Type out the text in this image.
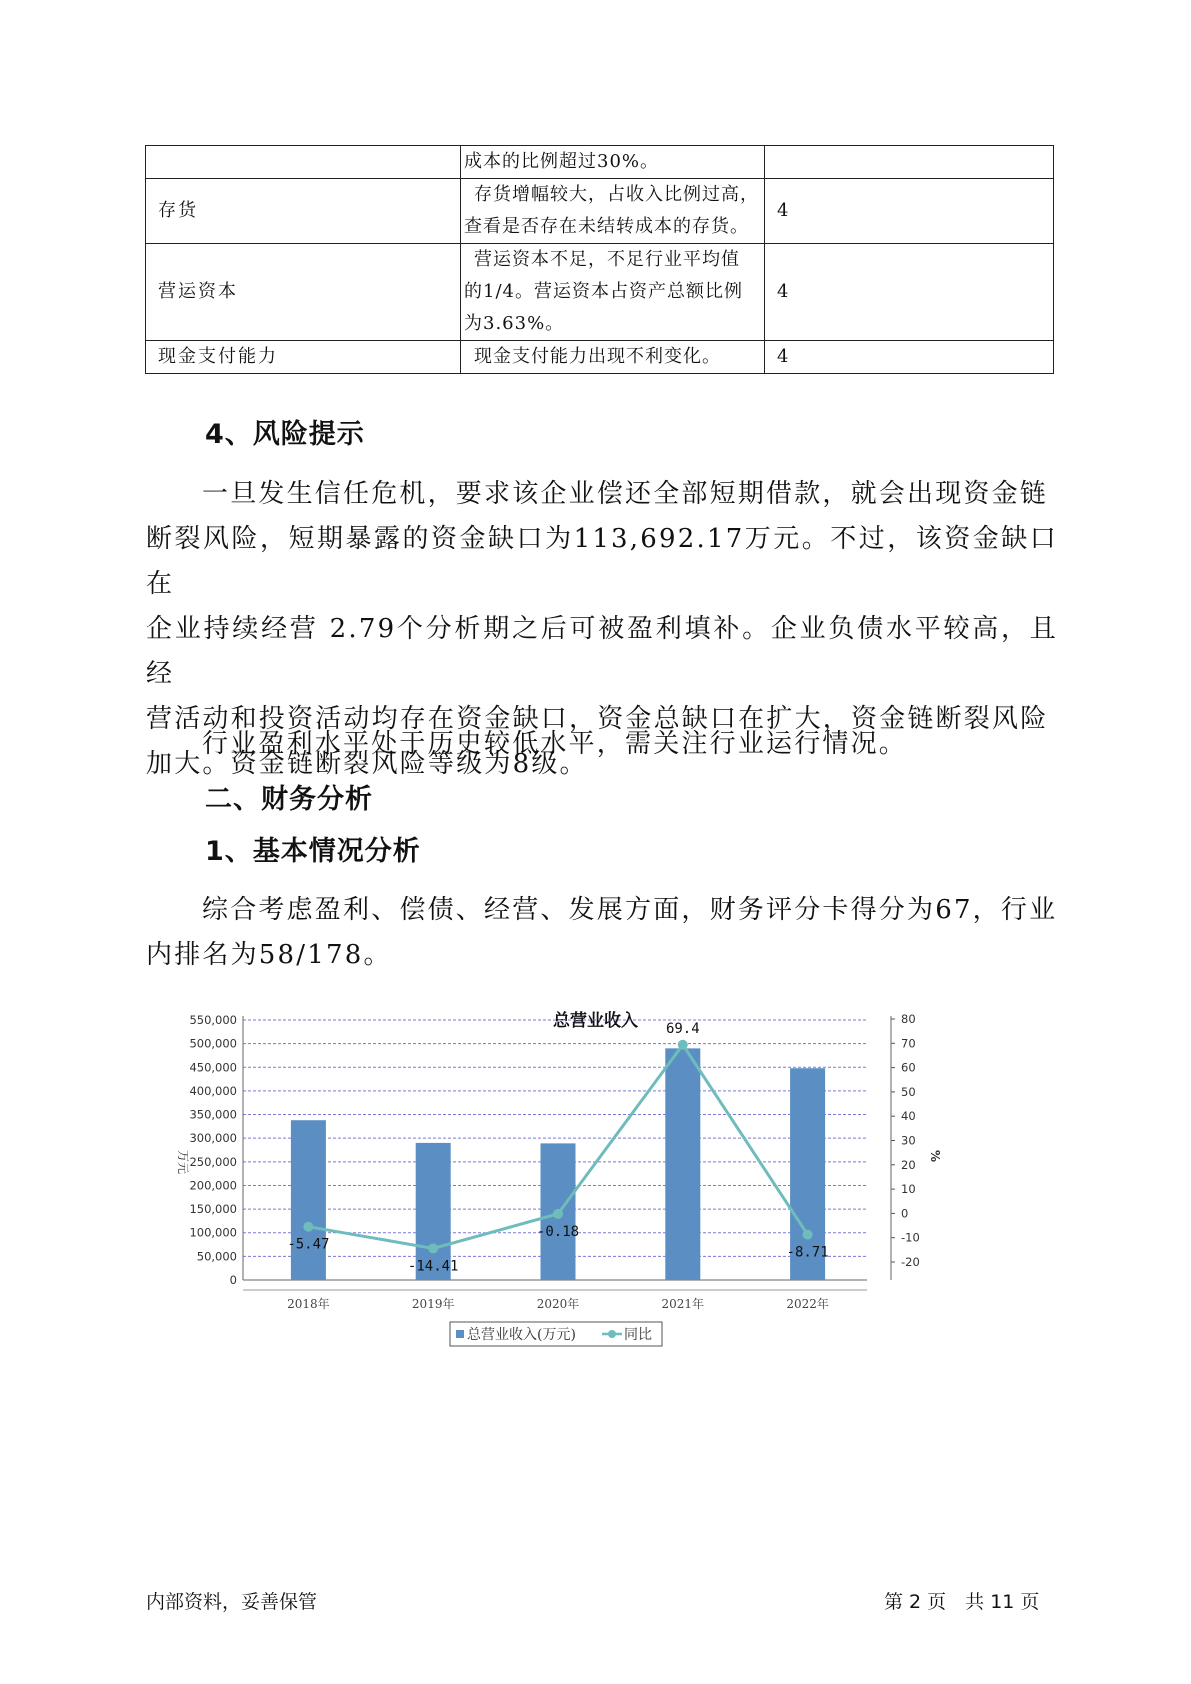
	成本的比例超过30%。	

存货	存货增幅较大，占收入比例过高，
查看是否存在未结转成本的存货。	4
营运资本	营运资本不足，不足行业平均值
的1/4。营运资本占资产总额比例
为3.63%。	4
现金支付能力	现金支付能力出现不利变化。	4
4、风险提示
一旦发生信任危机，要求该企业偿还全部短期借款，就会出现资金链
断裂风险，短期暴露的资金缺口为113,692.17万元。不过，该资金缺口在
企业持续经营 2.79个分析期之后可被盈利填补。企业负债水平较高，且经
营活动和投资活动均存在资金缺口，资金总缺口在扩大，资金链断裂风险
加大。资金链断裂风险等级为8级。
行业盈利水平处于历史较低水平，需关注行业运行情况。
二、财务分析
1、基本情况分析
综合考虑盈利、偿债、经营、发展方面，财务评分卡得分为67，行业
内排名为58/178。
总营业收入
0
50,000
100,000
150,000
200,000
250,000
300,000
350,000
400,000
450,000
500,000
550,000
-20
-10
0
10
20
30
40
50
60
70
80
万元	%
2018年	2019年	2020年	2021年	2022年
-5.47
-14.41
-0.18
69.4
-8.71
总营业收入(万元)	同比
内部资料，妥善保管	第 2 页　共 11 页
